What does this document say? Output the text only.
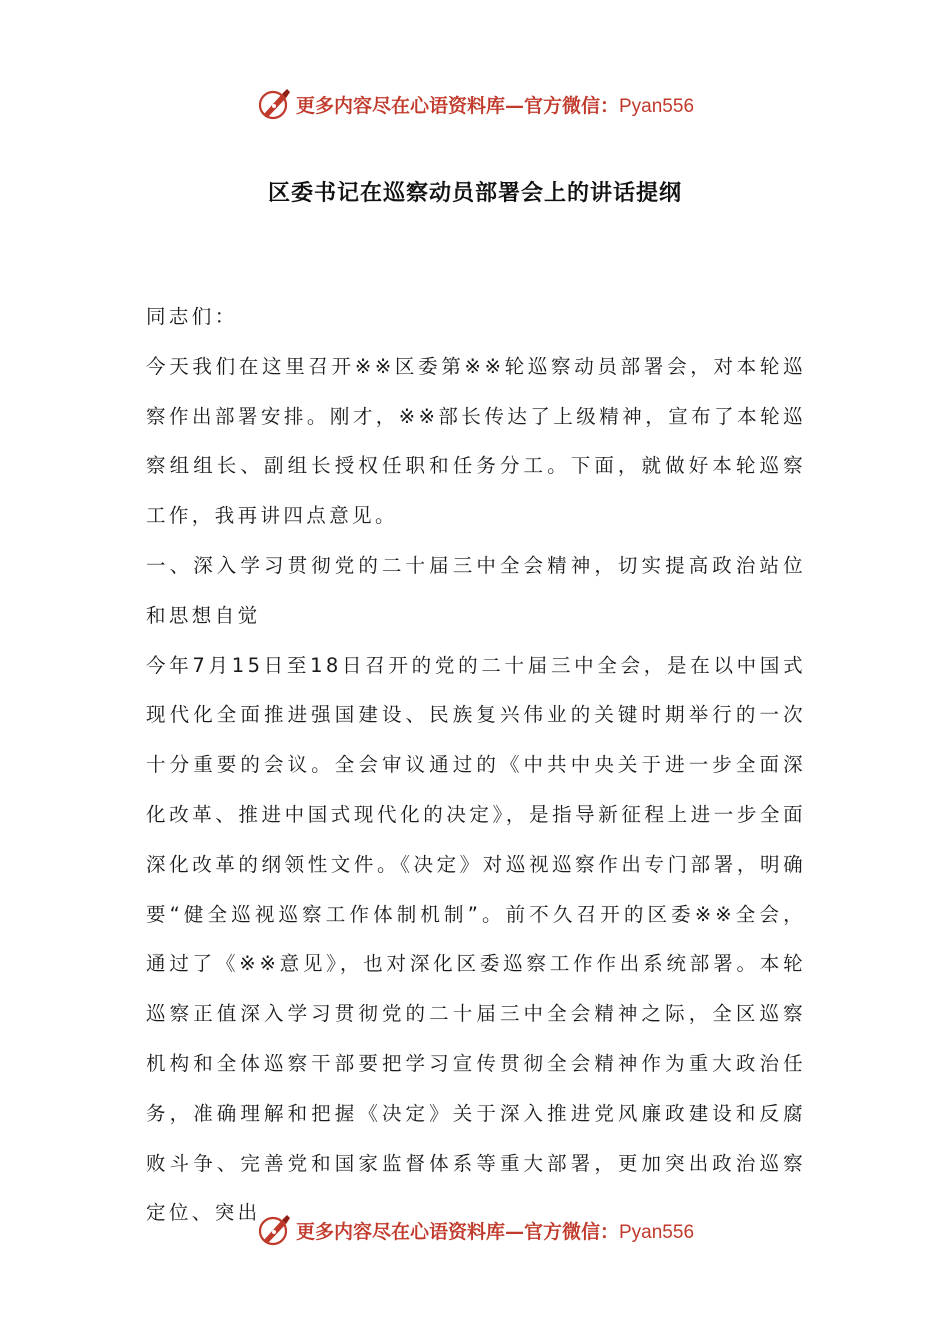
更多内容尽在心语资料库—官方微信：Pyan556
区委书记在巡察动员部署会上的讲话提纲

同志们：

今天我们在这里召开※※区委第※※轮巡察动员部署会，对本轮巡察作出部署安排。刚才，※※部长传达了上级精神，宣布了本轮巡察组组长、副组长授权任职和任务分工。下面，就做好本轮巡察工作，我再讲四点意见。

一、深入学习贯彻党的二十届三中全会精神，切实提高政治站位和思想自觉

今年7月15日至18日召开的党的二十届三中全会，是在以中国式现代化全面推进强国建设、民族复兴伟业的关键时期举行的一次十分重要的会议。全会审议通过的《中共中央关于进一步全面深化改革、推进中国式现代化的决定》，是指导新征程上进一步全面深化改革的纲领性文件。《决定》对巡视巡察作出专门部署，明确要“健全巡视巡察工作体制机制”。前不久召开的区委※※全会，通过了《※※意见》，也对深化区委巡察工作作出系统部署。本轮巡察正值深入学习贯彻党的二十届三中全会精神之际，全区巡察机构和全体巡察干部要把学习宣传贯彻全会精神作为重大政治任务，准确理解和把握《决定》关于深入推进党风廉政建设和反腐败斗争、完善党和国家监督体系等重大部署，更加突出政治巡察定位、突出

更多内容尽在心语资料库—官方微信：Pyan556
